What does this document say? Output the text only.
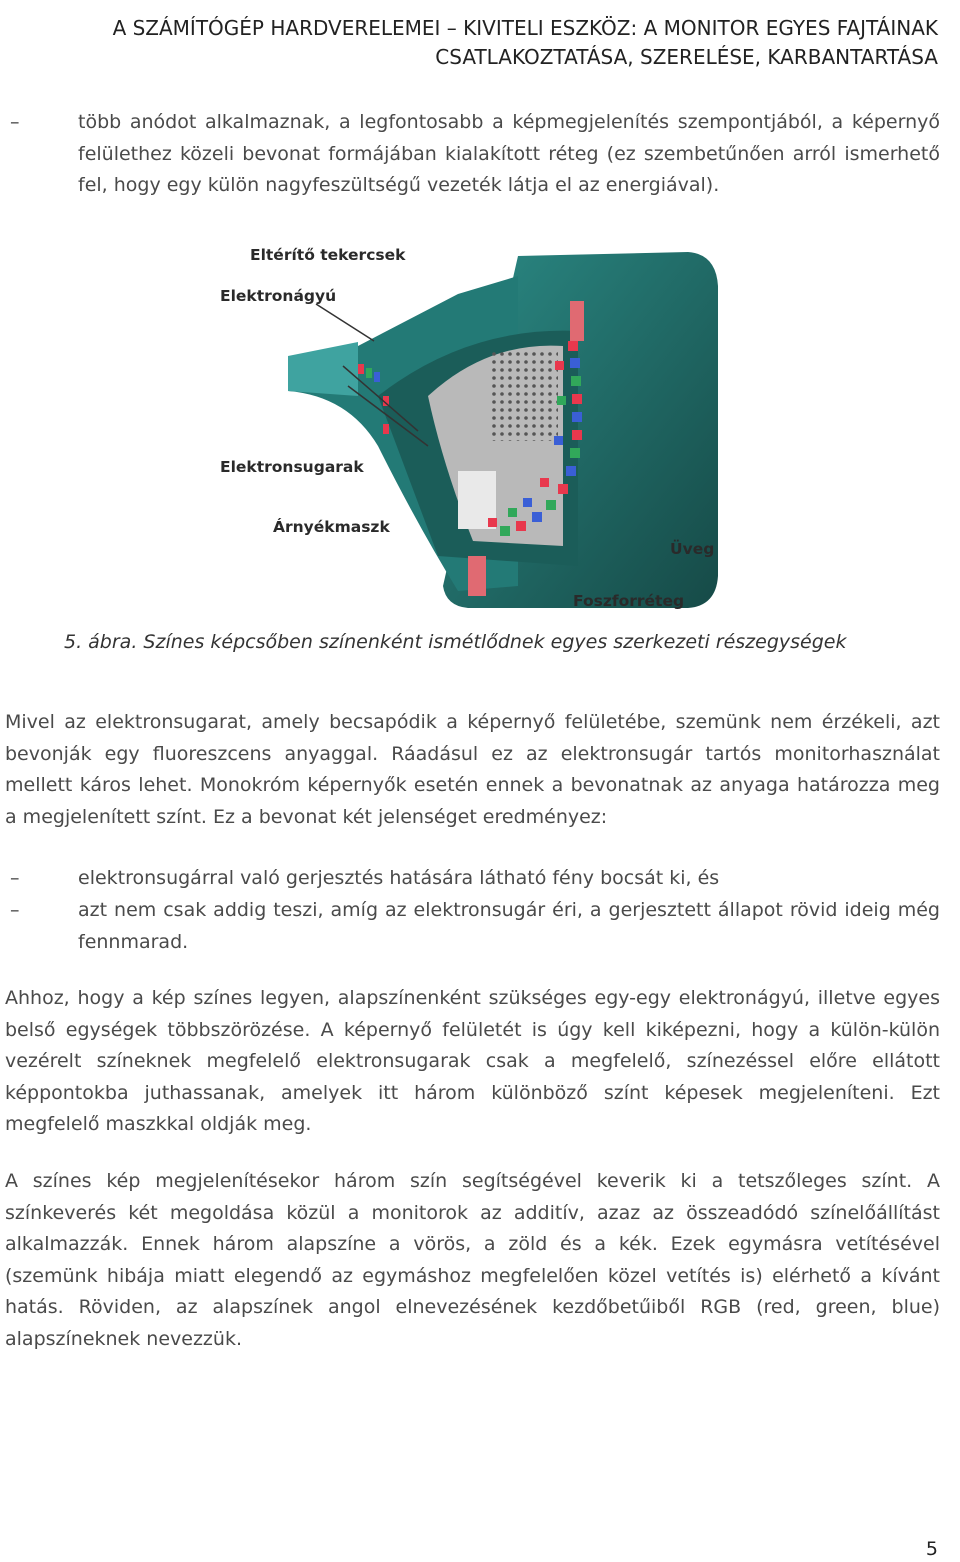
A SZÁMÍTÓGÉP HARDVERELEMEI – KIVITELI ESZKÖZ: A MONITOR EGYES FAJTÁINAK
CSATLAKOZTATÁSA, SZERELÉSE, KARBANTARTÁSA
–	több anódot alkalmaznak, a legfontosabb a képmegjelenítés szempontjából, a képernyő felülethez közeli bevonat formájában kialakított réteg (ez szembetűnően arról ismerhető fel, hogy egy külön nagyfeszültségű vezeték látja el az energiával).
Eltérítő tekercsek
Elektronágyú
Elektronsugarak
Árnyékmaszk
Üveg
Foszforréteg
5. ábra. Színes képcsőben színenként ismétlődnek egyes szerkezeti részegységek
Mivel az elektronsugarat, amely becsapódik a képernyő felületébe, szemünk nem érzékeli, azt bevonják egy fluoreszcens anyaggal. Ráadásul ez az elektronsugár tartós monitorhasználat mellett káros lehet. Monokróm képernyők esetén ennek a bevonatnak az anyaga határozza meg a megjelenített színt. Ez a bevonat két jelenséget eredményez:
–	elektronsugárral való gerjesztés hatására látható fény bocsát ki, és
–	azt nem csak addig teszi, amíg az elektronsugár éri, a gerjesztett állapot rövid ideig még fennmarad.
Ahhoz, hogy a kép színes legyen, alapszínenként szükséges egy-egy elektronágyú, illetve egyes belső egységek többszörözése. A képernyő felületét is úgy kell kiképezni, hogy a külön-külön vezérelt színeknek megfelelő elektronsugarak csak a megfelelő, színezéssel előre ellátott képpontokba juthassanak, amelyek itt három különböző színt képesek megjeleníteni. Ezt megfelelő maszkkal oldják meg.
A színes kép megjelenítésekor három szín segítségével keverik ki a tetszőleges színt. A színkeverés két megoldása közül a monitorok az additív, azaz az összeadódó színelőállítást alkalmazzák. Ennek három alapszíne a vörös, a zöld és a kék. Ezek egymásra vetítésével (szemünk hibája miatt elegendő az egymáshoz megfelelően közel vetítés is) elérhető a kívánt hatás. Röviden, az alapszínek angol elnevezésének kezdőbetűiből RGB (red, green, blue) alapszíneknek nevezzük.
5
